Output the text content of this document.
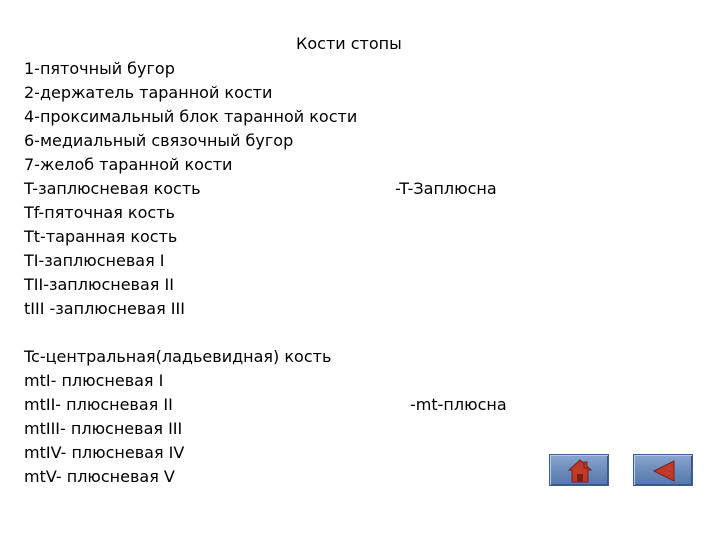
Кости стопы
1-пяточный бугор
2-держатель таранной кости
4-проксимальный блок таранной кости
6-медиальный связочный бугор
7-желоб таранной кости
T-заплюсневая кость
Tf-пяточная кость
Tt-таранная кость
TI-заплюсневая I
TII-заплюсневая II
tIII -заплюсневая III
-T-Заплюсна
Tc-центральная(ладьевидная) кость
mtI- плюсневая I
mtII- плюсневая II
mtIII- плюсневая III
mtIV- плюсневая IV
mtV- плюсневая V
-mt-плюсна
